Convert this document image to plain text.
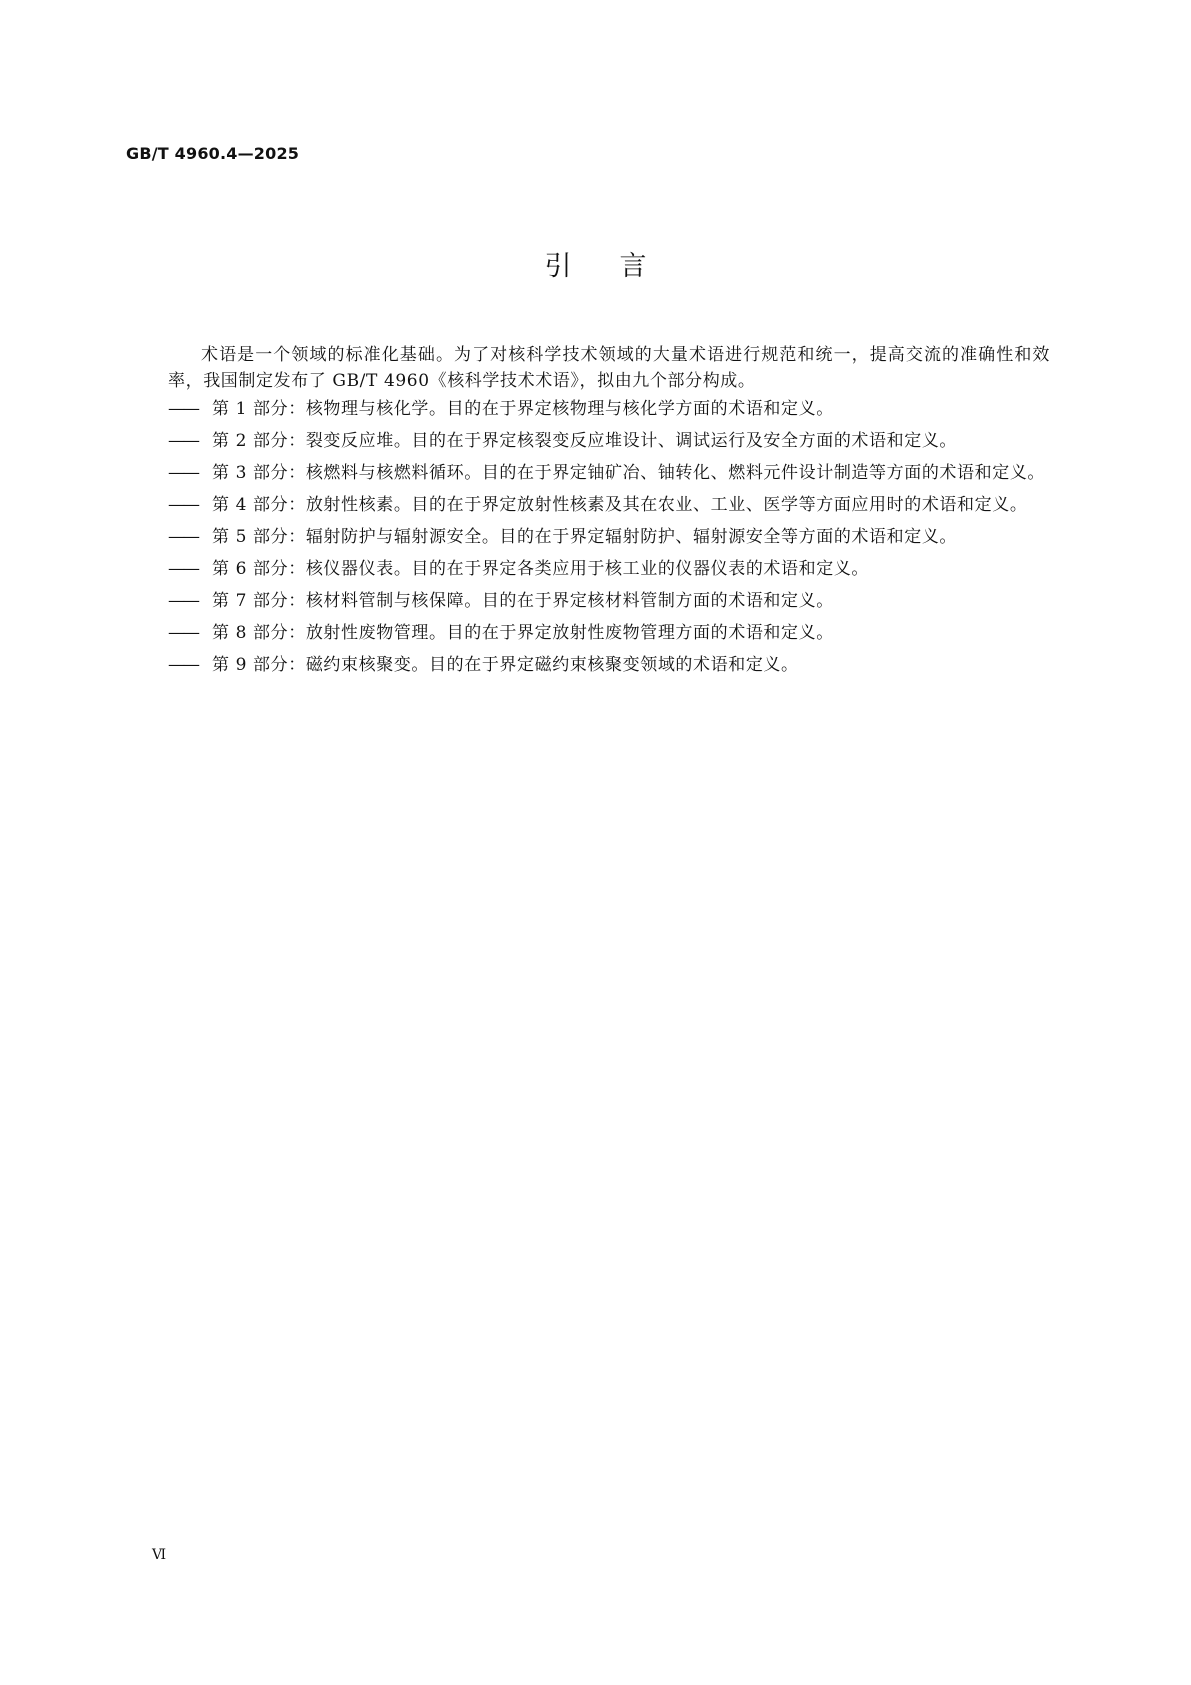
GB/T 4960.4—2025

引言

术语是一个领域的标准化基础。为了对核科学技术领域的大量术语进行规范和统一，提高交流的准确性和效率，我国制定发布了 GB/T 4960《核科学技术术语》，拟由九个部分构成。

—— 第 1 部分：核物理与核化学。目的在于界定核物理与核化学方面的术语和定义。
—— 第 2 部分：裂变反应堆。目的在于界定核裂变反应堆设计、调试运行及安全方面的术语和定义。
—— 第 3 部分：核燃料与核燃料循环。目的在于界定铀矿冶、铀转化、燃料元件设计制造等方面的术语和定义。
—— 第 4 部分：放射性核素。目的在于界定放射性核素及其在农业、工业、医学等方面应用时的术语和定义。
—— 第 5 部分：辐射防护与辐射源安全。目的在于界定辐射防护、辐射源安全等方面的术语和定义。
—— 第 6 部分：核仪器仪表。目的在于界定各类应用于核工业的仪器仪表的术语和定义。
—— 第 7 部分：核材料管制与核保障。目的在于界定核材料管制方面的术语和定义。
—— 第 8 部分：放射性废物管理。目的在于界定放射性废物管理方面的术语和定义。
—— 第 9 部分：磁约束核聚变。目的在于界定磁约束核聚变领域的术语和定义。

Ⅵ
